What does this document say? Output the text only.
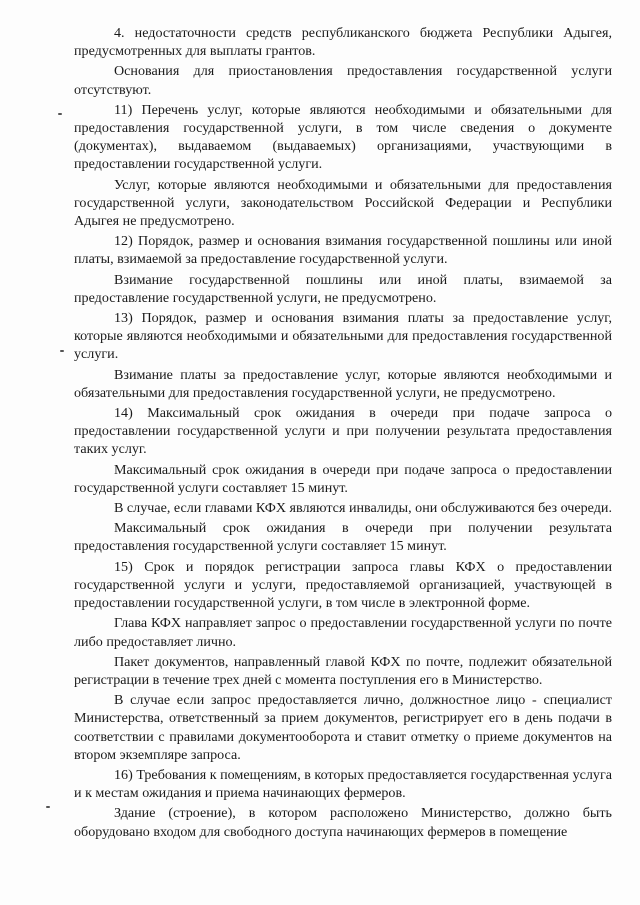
4. недостаточности средств республиканского бюджета Республики Адыгея, предусмотренных для выплаты грантов.

Основания для приостановления предоставления государственной услуги отсутствуют.

11) Перечень услуг, которые являются необходимыми и обязательными для предоставления государственной услуги, в том числе сведения о документе (документах), выдаваемом (выдаваемых) организациями, участвующими в предоставлении государственной услуги.

Услуг, которые являются необходимыми и обязательными для предоставления государственной услуги, законодательством Российской Федерации и Республики Адыгея не предусмотрено.

12) Порядок, размер и основания взимания государственной пошлины или иной платы, взимаемой за предоставление государственной услуги.

Взимание государственной пошлины или иной платы, взимаемой за предоставление государственной услуги, не предусмотрено.

13) Порядок, размер и основания взимания платы за предоставление услуг, которые являются необходимыми и обязательными для предоставления государственной услуги.

Взимание платы за предоставление услуг, которые являются необходимыми и обязательными для предоставления государственной услуги, не предусмотрено.

14) Максимальный срок ожидания в очереди при подаче запроса о предоставлении государственной услуги и при получении результата предоставления таких услуг.

Максимальный срок ожидания в очереди при подаче запроса о предоставлении государственной услуги составляет 15 минут.

В случае, если главами КФХ являются инвалиды, они обслуживаются без очереди.

Максимальный срок ожидания в очереди при получении результата предоставления государственной услуги составляет 15 минут.

15) Срок и порядок регистрации запроса главы КФХ о предоставлении государственной услуги и услуги, предоставляемой организацией, участвующей в предоставлении государственной услуги, в том числе в электронной форме.

Глава КФХ направляет запрос о предоставлении государственной услуги по почте либо предоставляет лично.

Пакет документов, направленный главой КФХ по почте, подлежит обязательной регистрации в течение трех дней с момента поступления его в Министерство.

В случае если запрос предоставляется лично, должностное лицо - специалист Министерства, ответственный за прием документов, регистрирует его в день подачи в соответствии с правилами документооборота и ставит отметку о приеме документов на втором экземпляре запроса.

16) Требования к помещениям, в которых предоставляется государственная услуга и к местам ожидания и приема начинающих фермеров.

Здание (строение), в котором расположено Министерство, должно быть оборудовано входом для свободного доступа начинающих фермеров в помещение
